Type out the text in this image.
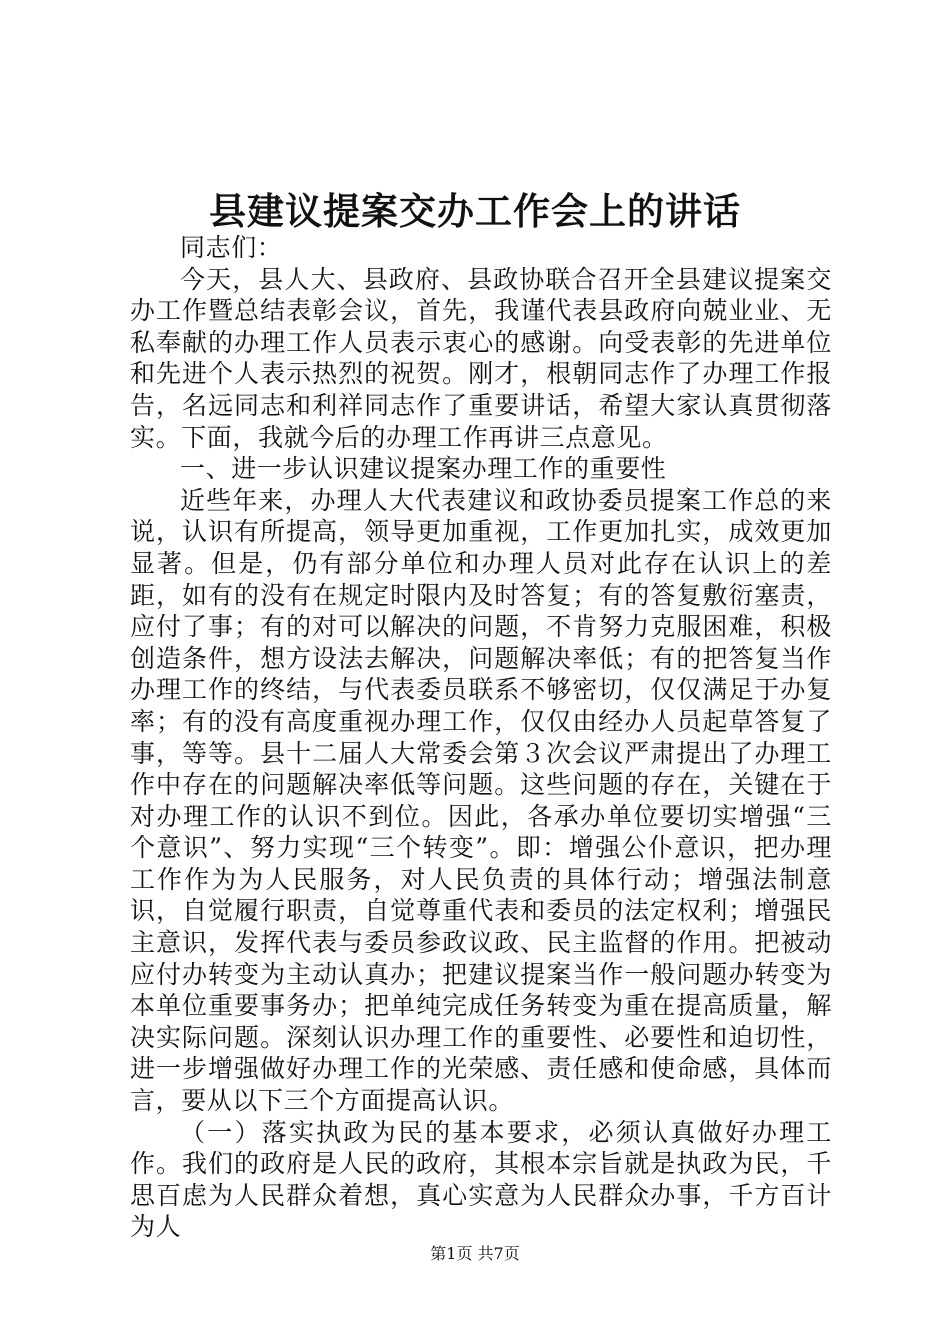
县建议提案交办工作会上的讲话

同志们：

今天，县人大、县政府、县政协联合召开全县建议提案交办工作暨总结表彰会议，首先，我谨代表县政府向兢业业、无私奉献的办理工作人员表示衷心的感谢。向受表彰的先进单位和先进个人表示热烈的祝贺。刚才，根朝同志作了办理工作报告，名远同志和利祥同志作了重要讲话，希望大家认真贯彻落实。下面，我就今后的办理工作再讲三点意见。

一、进一步认识建议提案办理工作的重要性

近些年来，办理人大代表建议和政协委员提案工作总的来说，认识有所提高，领导更加重视，工作更加扎实，成效更加显著。但是，仍有部分单位和办理人员对此存在认识上的差距，如有的没有在规定时限内及时答复；有的答复敷衍塞责，应付了事；有的对可以解决的问题，不肯努力克服困难，积极创造条件，想方设法去解决，问题解决率低；有的把答复当作办理工作的终结，与代表委员联系不够密切，仅仅满足于办复率；有的没有高度重视办理工作，仅仅由经办人员起草答复了事，等等。县十二届人大常委会第３次会议严肃提出了办理工作中存在的问题解决率低等问题。这些问题的存在，关键在于对办理工作的认识不到位。因此，各承办单位要切实增强“三个意识”、努力实现“三个转变”。即：增强公仆意识，把办理工作作为为人民服务，对人民负责的具体行动；增强法制意识，自觉履行职责，自觉尊重代表和委员的法定权利；增强民主意识，发挥代表与委员参政议政、民主监督的作用。把被动应付办转变为主动认真办；把建议提案当作一般问题办转变为本单位重要事务办；把单纯完成任务转变为重在提高质量，解决实际问题。深刻认识办理工作的重要性、必要性和迫切性，进一步增强做好办理工作的光荣感、责任感和使命感，具体而言，要从以下三个方面提高认识。

（一）落实执政为民的基本要求，必须认真做好办理工作。我们的政府是人民的政府，其根本宗旨就是执政为民，千思百虑为人民群众着想，真心实意为人民群众办事，千方百计为人

第1页 共7页
